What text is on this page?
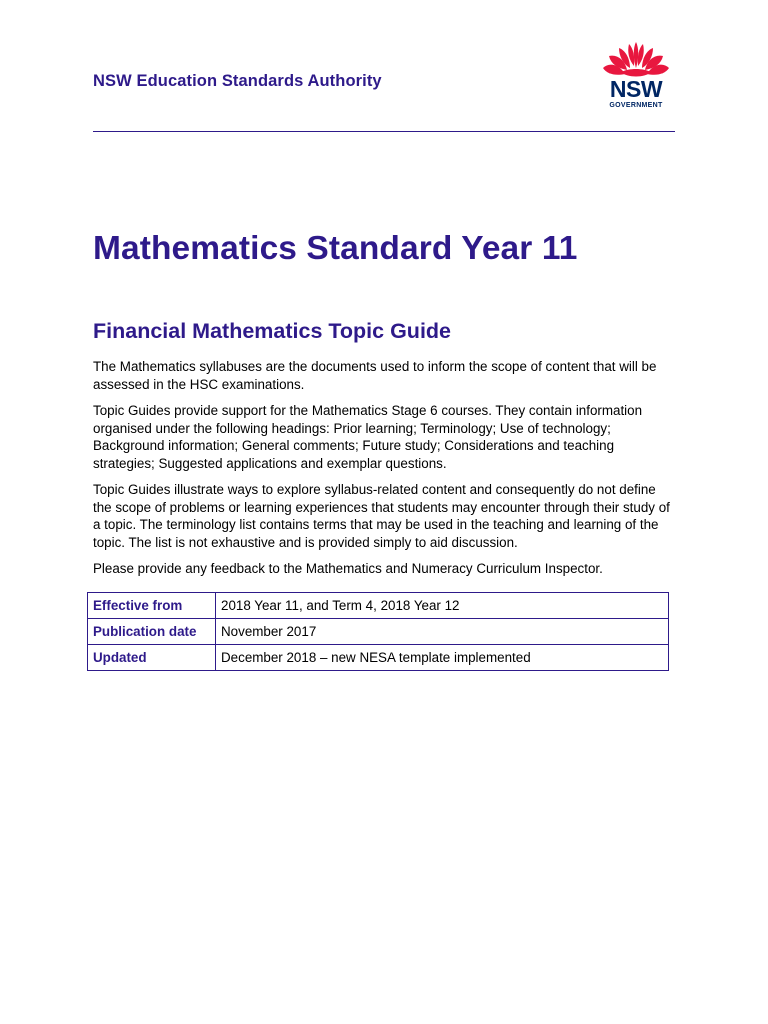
NSW Education Standards Authority	NSW
GOVERNMENT
Mathematics Standard Year 11
Financial Mathematics Topic Guide

The Mathematics syllabuses are the documents used to inform the scope of content that will be assessed in the HSC examinations.

Topic Guides provide support for the Mathematics Stage 6 courses. They contain information organised under the following headings: Prior learning; Terminology; Use of technology; Background information; General comments; Future study; Considerations and teaching strategies; Suggested applications and exemplar questions.

Topic Guides illustrate ways to explore syllabus-related content and consequently do not define the scope of problems or learning experiences that students may encounter through their study of a topic. The terminology list contains terms that may be used in the teaching and learning of the topic. The list is not exhaustive and is provided simply to aid discussion.

Please provide any feedback to the Mathematics and Numeracy Curriculum Inspector.

Effective from	2018 Year 11, and Term 4, 2018 Year 12
Publication date	November 2017
Updated	December 2018 – new NESA template implemented
